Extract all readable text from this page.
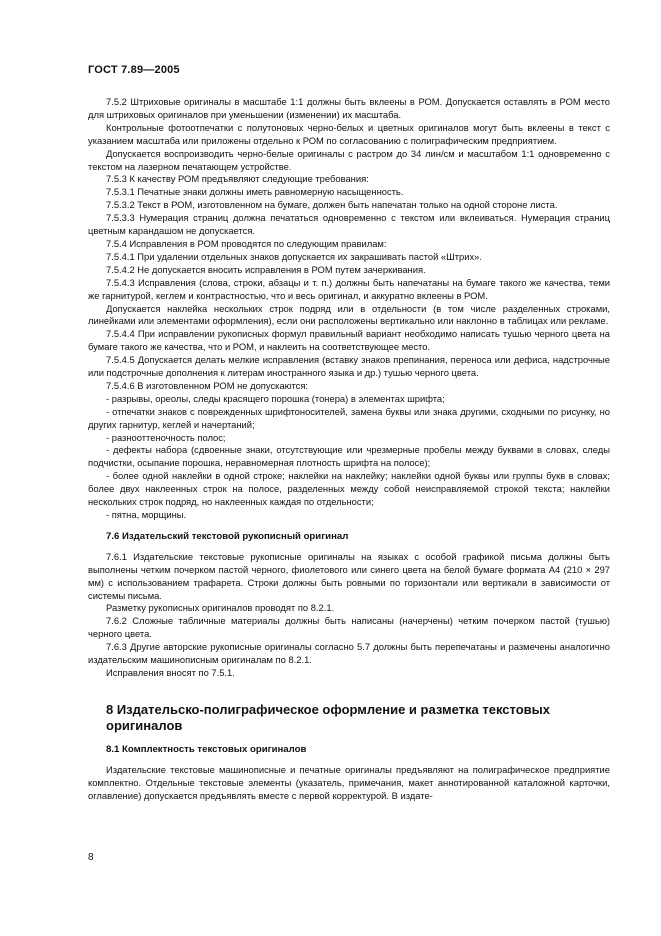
ГОСТ 7.89—2005

7.5.2 Штриховые оригиналы в масштабе 1:1 должны быть вклеены в РОМ. Допускается оставлять в РОМ место для штриховых оригиналов при уменьшении (изменении) их масштаба.

Контрольные фотоотпечатки с полутоновых черно-белых и цветных оригиналов могут быть вклеены в текст с указанием масштаба или приложены отдельно к РОМ по согласованию с полиграфическим предприятием.

Допускается воспроизводить черно-белые оригиналы с растром до 34 лин/см и масштабом 1:1 одновременно с текстом на лазерном печатающем устройстве.

7.5.3 К качеству РОМ предъявляют следующие требования:

7.5.3.1 Печатные знаки должны иметь равномерную насыщенность.

7.5.3.2 Текст в РОМ, изготовленном на бумаге, должен быть напечатан только на одной стороне листа.

7.5.3.3 Нумерация страниц должна печататься одновременно с текстом или вклеиваться. Нумерация страниц цветным карандашом не допускается.

7.5.4 Исправления в РОМ проводятся по следующим правилам:

7.5.4.1 При удалении отдельных знаков допускается их закрашивать пастой «Штрих».

7.5.4.2 Не допускается вносить исправления в РОМ путем зачеркивания.

7.5.4.3 Исправления (слова, строки, абзацы и т. п.) должны быть напечатаны на бумаге такого же качества, теми же гарнитурой, кеглем и контрастностью, что и весь оригинал, и аккуратно вклеены в РОМ.

Допускается наклейка нескольких строк подряд или в отдельности (в том числе разделенных строками, линейками или элементами оформления), если они расположены вертикально или наклонно в таблицах или рекламе.

7.5.4.4 При исправлении рукописных формул правильный вариант необходимо написать тушью черного цвета на бумаге такого же качества, что и РОМ, и наклеить на соответствующее место.

7.5.4.5 Допускается делать мелкие исправления (вставку знаков препинания, переноса или дефиса, надстрочные или подстрочные дополнения к литерам иностранного языка и др.) тушью черного цвета.

7.5.4.6 В изготовленном РОМ не допускаются:

- разрывы, ореолы, следы красящего порошка (тонера) в элементах шрифта;

- отпечатки знаков с поврежденных шрифтоносителей, замена буквы или знака другими, сходными по рисунку, но других гарнитур, кеглей и начертаний;

- разнооттеночность полос;

- дефекты набора (сдвоенные знаки, отсутствующие или чрезмерные пробелы между буквами в словах, следы подчистки, осыпание порошка, неравномерная плотность шрифта на полосе);

- более одной наклейки в одной строке; наклейки на наклейку; наклейки одной буквы или группы букв в словах; более двух наклеенных строк на полосе, разделенных между собой неисправляемой строкой текста; наклейки нескольких строк подряд, но наклеенных каждая по отдельности;

- пятна, морщины.

7.6 Издательский текстовой рукописный оригинал

7.6.1 Издательские текстовые рукописные оригиналы на языках с особой графикой письма должны быть выполнены четким почерком пастой черного, фиолетового или синего цвета на белой бумаге формата А4 (210 × 297 мм) с использованием трафарета. Строки должны быть ровными по горизонтали или вертикали в зависимости от системы письма.

Разметку рукописных оригиналов проводят по 8.2.1.

7.6.2 Сложные табличные материалы должны быть написаны (начерчены) четким почерком пастой (тушью) черного цвета.

7.6.3 Другие авторские рукописные оригиналы согласно 5.7 должны быть перепечатаны и размечены аналогично издательским машинописным оригиналам по 8.2.1.

Исправления вносят по 7.5.1.

8 Издательско-полиграфическое оформление и разметка текстовых оригиналов
8.1 Комплектность текстовых оригиналов

Издательские текстовые машинописные и печатные оригиналы предъявляют на полиграфическое предприятие комплектно. Отдельные текстовые элементы (указатель, примечания, макет аннотированной каталожной карточки, оглавление) допускается предъявлять вместе с первой корректурой. В издате-

8
